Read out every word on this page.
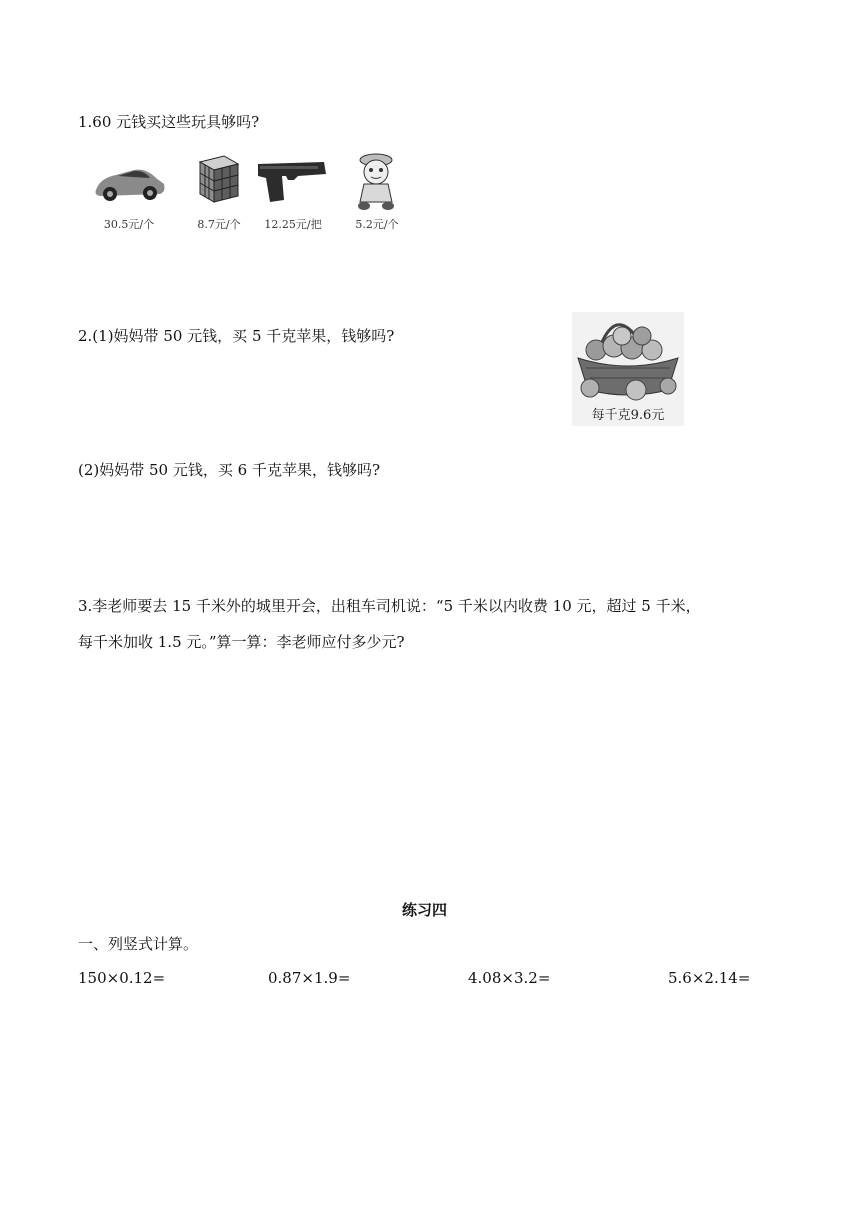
1.60 元钱买这些玩具够吗?
30.5元/个	8.7元/个	12.25元/把	5.2元/个
2.(1)妈妈带 50 元钱，买 5 千克苹果，钱够吗?
每千克9.6元
(2)妈妈带 50 元钱，买 6 千克苹果，钱够吗?
3.李老师要去 15 千米外的城里开会，出租车司机说：“5 千米以内收费 10 元，超过 5 千米，
每千米加收 1.5 元。”算一算：李老师应付多少元?
练习四
一、列竖式计算。
150×0.12=	0.87×1.9=	4.08×3.2=	5.6×2.14=
